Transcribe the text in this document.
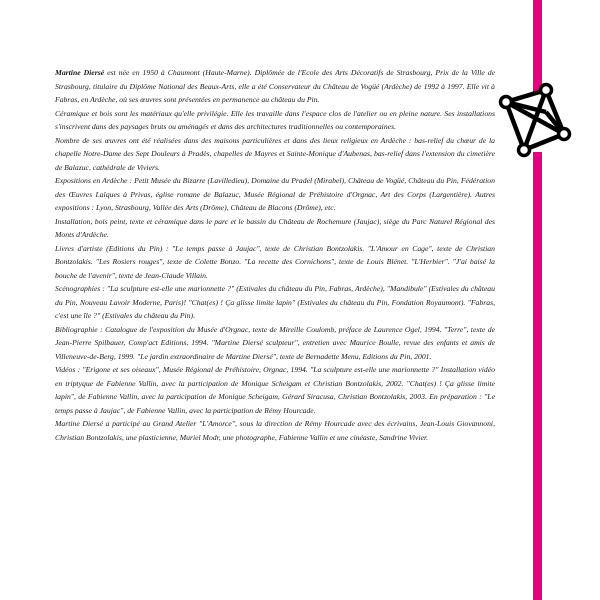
Martine Diersé est née en 1950 à Chaumont (Haute-Marne). Diplômée de l'Ecole des Arts Décoratifs de Strasbourg, Prix de la Ville de Strasbourg, titulaire du Diplôme National des Beaux-Arts, elle a été Conservateur du Château de Vogüé (Ardèche) de 1992 à 1997. Elle vit à Fabras, en Ardèche, où ses œuvres sont présentées en permanence au château du Pin.

Céramique et bois sont les matériaux qu'elle privilégie. Elle les travaille dans l'espace clos de l'atelier ou en pleine nature. Ses installations s'inscrivent dans des paysages bruts ou aménagés et dans des architectures traditionnelles ou contemporaines.

Nombre de ses œuvres ont été réalisées dans des maisons particulières et dans des lieux religieux en Ardèche : bas-relief du chœur de la chapelle Notre-Dame des Sept Douleurs à Pradès, chapelles de Mayres et Sainte-Monique d'Aubenas, bas-relief dans l'extension du cimetière de Balazuc, cathédrale de Viviers.

Expositions en Ardèche : Petit Musée du Bizarre (Lavilledieu), Domaine du Pradel (Mirabel), Château de Vogüé, Château du Pin, Fédération des Œuvres Laïques à Privas, église romane de Balazuc, Musée Régional de Préhistoire d'Orgnac, Art des Corps (Largentière). Autres expositions : Lyon, Strasbourg, Vallée des Arts (Drôme), Château de Blacons (Drôme), etc.

Installation, bois peint, texte et céramique dans le parc et le bassin du Château de Rochemure (Jaujac), siège du Parc Naturel Régional des Monts d'Ardèche.

Livres d'artiste (Editions du Pin) : "Le temps passe à Jaujac", texte de Christian Bontzolakis. "L'Amour en Cage", texte de Christian Bontzolakis. "Les Rosiers rouges", texte de Colette Bonzo. "La recette des Cornichons", texte de Louis Blénet. "L'Herbier". "J'ai baisé la bouche de l'avenir", texte de Jean-Claude Villain.

Scénographies : "La sculpture est-elle une marionnette ?" (Estivales du château du Pin, Fabras, Ardèche), "Mandibule" (Estivales du château du Pin, Nouveau Lavoir Moderne, Paris)! "Chat(es) ! Ça glisse limite lapin" (Estivales du château du Pin, Fondation Royaumont). "Fabras, c'est une île ?" (Estivales du château du Pin).

Bibliographie : Catalogue de l'exposition du Musée d'Orgnac, texte de Mireille Coulomb, préface de Laurence Ogel, 1994. "Terre", texte de Jean-Pierre Spilbauer, Comp'act Editions, 1994. "Martine Diersé sculpteur", entretien avec Maurice Boulle, revue des enfants et amis de Villeneuve-de-Berg, 1999. "Le jardin extraordinaire de Martine Diersé", texte de Bernadette Menu, Editions du Pin, 2001.

Vidéos : "Erigone et ses oiseaux", Musée Régional de Préhistoire, Orgnac, 1994. "La sculpture est-elle une marionnette ?" Installation vidéo en triptyque de Fabienne Vallin, avec la participation de Monique Scheigam et Christian Bontzolakis, 2002. "Chat(es) ! Ça glisse limite lapin", de Fabienne Vallin, avec la participation de Monique Scheigam, Gérard Siracusa, Christian Bontzolakis, 2003. En préparation : "Le temps passe à Jaujac", de Fabienne Vallin, avec la participation de Rémy Hourcade.

Martine Diersé a participé au Grand Atelier "L'Amorce", sous la direction de Rémy Hourcade avec des écrivains, Jean-Louis Giovannoni, Christian Bontzolakis, une plasticienne, Muriel Modr, une photographe, Fabienne Vallin et une cinéaste, Sandrine Vivier.
